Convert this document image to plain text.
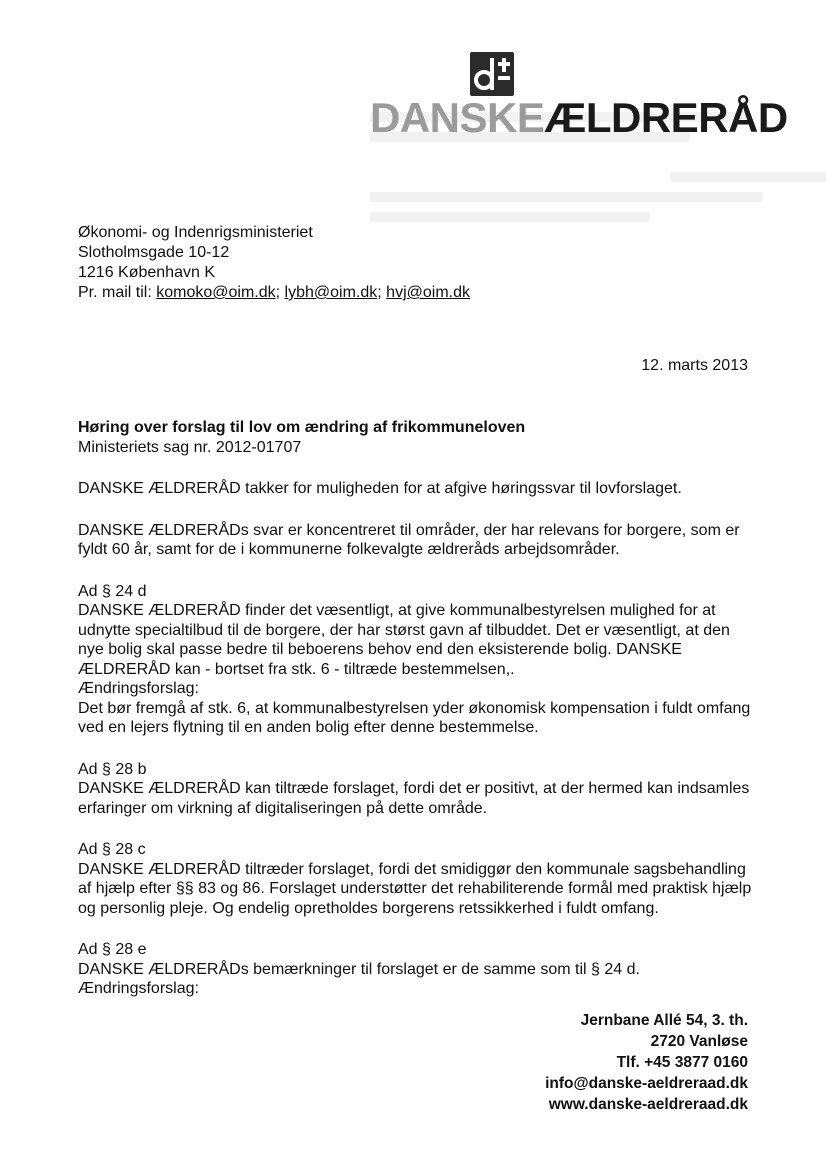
DANSKEÆLDRERÅD
Økonomi- og Indenrigsministeriet
Slotholmsgade 10-12
1216 København K
Pr. mail til: komoko@oim.dk; lybh@oim.dk; hvj@oim.dk
12. marts 2013

Høring over forslag til lov om ændring af frikommuneloven
Ministeriets sag nr. 2012-01707

DANSKE ÆLDRERÅD takker for muligheden for at afgive høringssvar til lovforslaget.

DANSKE ÆLDRERÅDs svar er koncentreret til områder, der har relevans for borgere, som er fyldt 60 år, samt for de i kommunerne folkevalgte ældreråds arbejdsområder.

Ad § 24 d
DANSKE ÆLDRERÅD finder det væsentligt, at give kommunalbestyrelsen mulighed for at udnytte specialtilbud til de borgere, der har størst gavn af tilbuddet. Det er væsentligt, at den nye bolig skal passe bedre til beboerens behov end den eksisterende bolig. DANSKE ÆLDRERÅD kan - bortset fra stk. 6 - tiltræde bestemmelsen,.
Ændringsforslag:
Det bør fremgå af stk. 6, at kommunalbestyrelsen yder økonomisk kompensation i fuldt omfang ved en lejers flytning til en anden bolig efter denne bestemmelse.

Ad § 28 b
DANSKE ÆLDRERÅD kan tiltræde forslaget, fordi det er positivt, at der hermed kan indsamles erfaringer om virkning af digitaliseringen på dette område.

Ad § 28 c
DANSKE ÆLDRERÅD tiltræder forslaget, fordi det smidiggør den kommunale sagsbehandling af hjælp efter §§ 83 og 86. Forslaget understøtter det rehabiliterende formål med praktisk hjælp og personlig pleje. Og endelig opretholdes borgerens retssikkerhed i fuldt omfang.

Ad § 28 e
DANSKE ÆLDRERÅDs bemærkninger til forslaget er de samme som til § 24 d.
Ændringsforslag:

Jernbane Allé 54, 3. th.
2720 Vanløse
Tlf. +45 3877 0160
info@danske-aeldreraad.dk
www.danske-aeldreraad.dk
